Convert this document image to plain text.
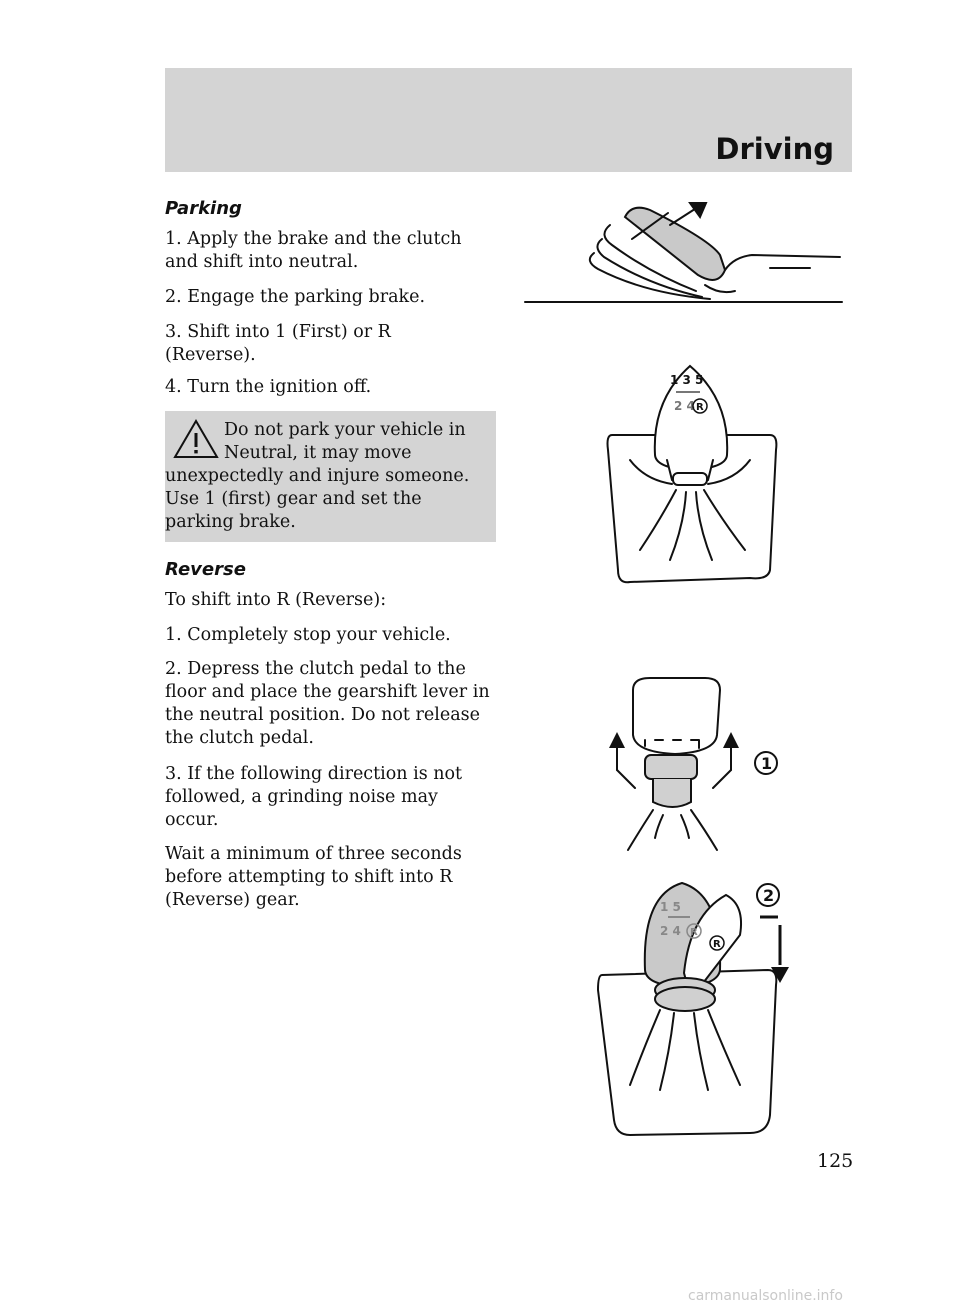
Driving

Parking

1. Apply the brake and the clutch and shift into neutral.

2. Engage the parking brake.

3. Shift into 1 (First) or R (Reverse).

4. Turn the ignition off.

Do not park your vehicle in
Neutral, it may move
unexpectedly and injure someone. Use 1 (first) gear and set the parking brake.

Reverse

To shift into R (Reverse):

1. Completely stop your vehicle.

2. Depress the clutch pedal to the floor and place the gearshift lever in the neutral position. Do not release the clutch pedal.

3. If the following direction is not followed, a grinding noise may occur.

Wait a minimum of three seconds before attempting to shift into R (Reverse) gear.

1 3 5
2 4 R
1
1 5
2 4 R
R
2
125
carmanualsonline.info
